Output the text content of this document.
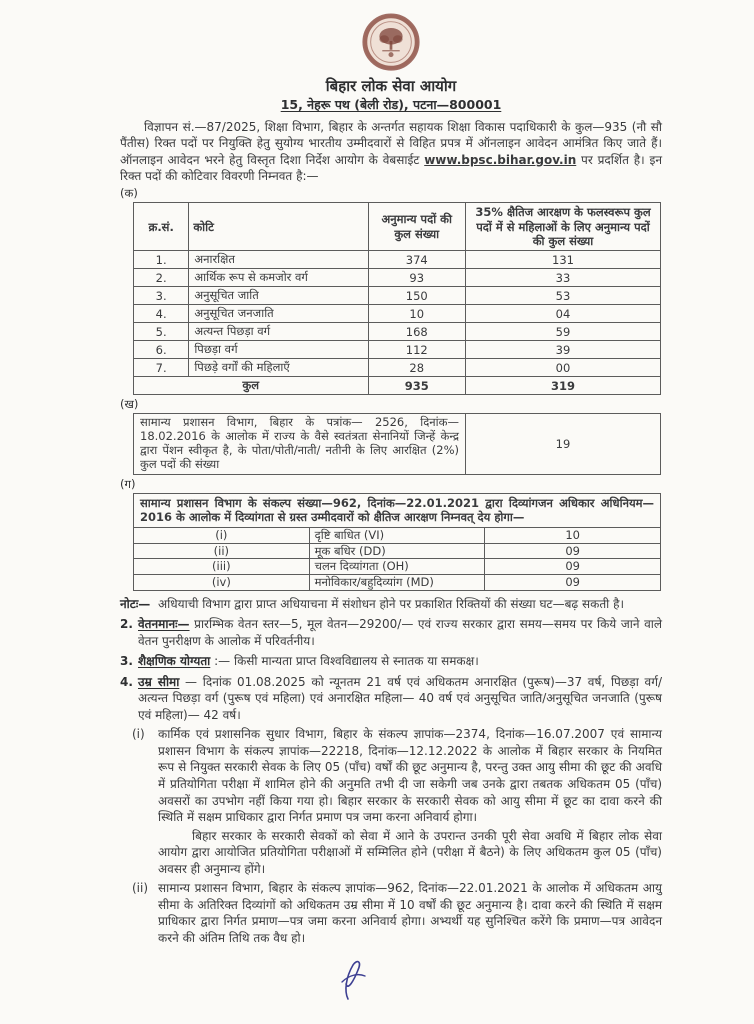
बिहार लोक सेवा आयोग
15, नेहरू पथ (बेली रोड), पटना—800001

विज्ञापन सं.—87/2025, शिक्षा विभाग, बिहार के अन्तर्गत सहायक शिक्षा विकास पदाधिकारी के कुल—935 (नौ सौ पैंतीस) रिक्त पदों पर नियुक्ति हेतु सुयोग्य भारतीय उम्मीदवारों से विहित प्रपत्र में ऑनलाइन आवेदन आमंत्रित किए जाते हैं। ऑनलाइन आवेदन भरने हेतु विस्तृत दिशा निर्देश आयोग के वेबसाईट www.bpsc.bihar.gov.in पर प्रदर्शित है। इन रिक्त पदों की कोटिवार विवरणी निम्नवत है:—

(क)
क्र.सं.	कोटि	अनुमान्य पदों की कुल संख्या	35% क्षैतिज आरक्षण के फलस्वरूप कुल पदों में से महिलाओं के लिए अनुमान्य पदों की कुल संख्या
1.	अनारक्षित	374	131
2.	आर्थिक रूप से कमजोर वर्ग	93	33
3.	अनुसूचित जाति	150	53
4.	अनुसूचित जनजाति	10	04
5.	अत्यन्त पिछड़ा वर्ग	168	59
6.	पिछड़ा वर्ग	112	39
7.	पिछड़े वर्गों की महिलाएँ	28	00
कुल		935	319
(ख)
सामान्य प्रशासन विभाग, बिहार के पत्रांक— 2526, दिनांक— 18.02.2016 के आलोक में राज्य के वैसे स्वतंत्रता सेनानियों जिन्हें केन्द्र द्वारा पेंशन स्वीकृत है, के पोता/पोती/नाती/ नतीनी के लिए आरक्षित (2%) कुल पदों की संख्या	19
(ग)
सामान्य प्रशासन विभाग के संकल्प संख्या—962, दिनांक—22.01.2021 द्वारा दिव्यांगजन अधिकार अधिनियम— 2016 के आलोक में दिव्यांगता से ग्रस्त उम्मीदवारों को क्षैतिज आरक्षण निम्नवत् देय होगा—		
(i)	दृष्टि बाधित (VI)	10
(ii)	मूक बधिर (DD)	09
(iii)	चलन दिव्यांगता (OH)	09
(iv)	मनोविकार/बहुदिव्यांग (MD)	09
नोटः— अधियाची विभाग द्वारा प्राप्त अधियाचना में संशोधन होने पर प्रकाशित रिक्तियों की संख्या घट—बढ़ सकती है।
2. वेतनमानः— प्रारम्भिक वेतन स्तर—5, मूल वेतन—29200/— एवं राज्य सरकार द्वारा समय—समय पर किये जाने वाले वेतन पुनरीक्षण के आलोक में परिवर्तनीय।
3. शैक्षणिक योग्यता :— किसी मान्यता प्राप्त विश्वविद्यालय से स्नातक या समकक्ष।
4. उम्र सीमा — दिनांक 01.08.2025 को न्यूनतम 21 वर्ष एवं अधिकतम अनारक्षित (पुरूष)—37 वर्ष, पिछड़ा वर्ग/ अत्यन्त पिछड़ा वर्ग (पुरूष एवं महिला) एवं अनारक्षित महिला— 40 वर्ष एवं अनुसूचित जाति/अनुसूचित जनजाति (पुरूष एवं महिला)— 42 वर्ष।
(i)	कार्मिक एवं प्रशासनिक सुधार विभाग, बिहार के संकल्प ज्ञापांक—2374, दिनांक—16.07.2007 एवं सामान्य प्रशासन विभाग के संकल्प ज्ञापांक—22218, दिनांक—12.12.2022 के आलोक में बिहार सरकार के नियमित रूप से नियुक्त सरकारी सेवक के लिए 05 (पाँच) वर्षों की छूट अनुमान्य है, परन्तु उक्त आयु सीमा की छूट की अवधि में प्रतियोगिता परीक्षा में शामिल होने की अनुमति तभी दी जा सकेगी जब उनके द्वारा तबतक अधिकतम 05 (पाँच) अवसरों का उपभोग नहीं किया गया हो। बिहार सरकार के सरकारी सेवक को आयु सीमा में छूट का दावा करने की स्थिति में सक्षम प्राधिकार द्वारा निर्गत प्रमाण पत्र जमा करना अनिवार्य होगा।
बिहार सरकार के सरकारी सेवकों को सेवा में आने के उपरान्त उनकी पूरी सेवा अवधि में बिहार लोक सेवा आयोग द्वारा आयोजित प्रतियोगिता परीक्षाओं में सम्मिलित होने (परीक्षा में बैठने) के लिए अधिकतम कुल 05 (पाँच) अवसर ही अनुमान्य होंगे।
(ii) सामान्य प्रशासन विभाग, बिहार के संकल्प ज्ञापांक—962, दिनांक—22.01.2021 के आलोक में अधिकतम आयु सीमा के अतिरिक्त दिव्यांगों को अधिकतम उम्र सीमा में 10 वर्षों की छूट अनुमान्य है। दावा करने की स्थिति में सक्षम प्राधिकार द्वारा निर्गत प्रमाण—पत्र जमा करना अनिवार्य होगा। अभ्यर्थी यह सुनिश्चित करेंगे कि प्रमाण—पत्र आवेदन करने की अंतिम तिथि तक वैध हो।
